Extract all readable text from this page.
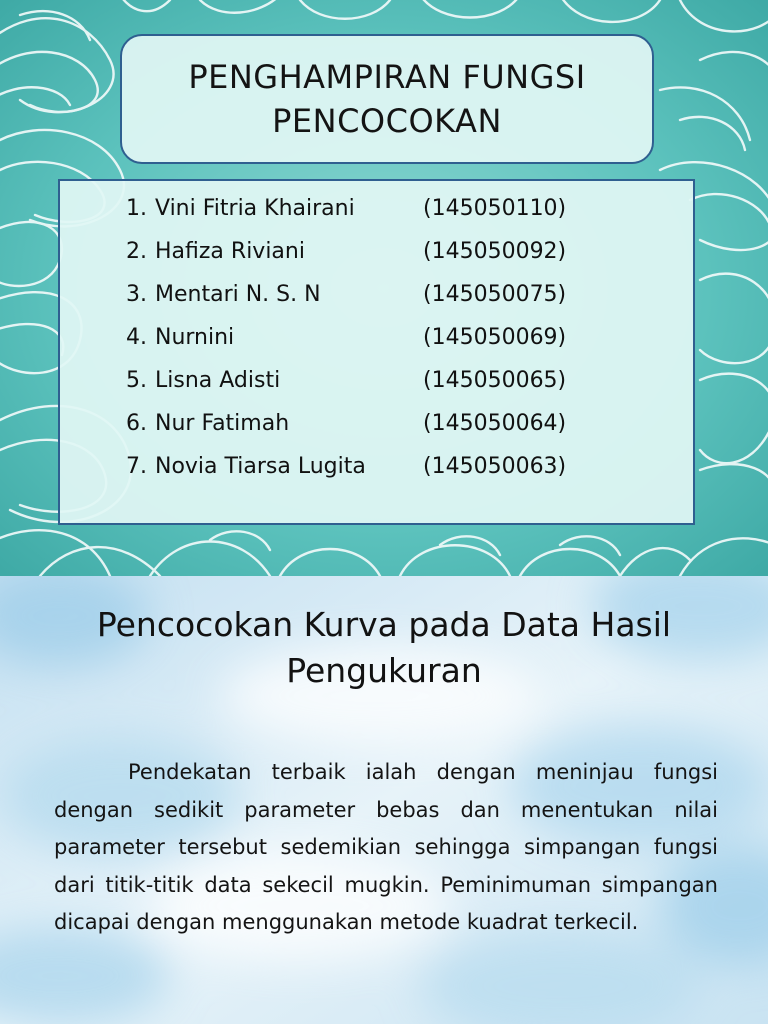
PENGHAMPIRAN FUNGSI
PENCOCOKAN
1. Vini Fitria Khairani	(145050110)
2. Hafiza Riviani	(145050092)
3. Mentari N. S. N	(145050075)
4. Nurnini	(145050069)
5. Lisna Adisti	(145050065)
6. Nur Fatimah	(145050064)
7. Novia Tiarsa Lugita	(145050063)
Pencocokan Kurva pada Data Hasil
Pengukuran
Pendekatan terbaik ialah dengan meninjau fungsi dengan sedikit parameter bebas dan menentukan nilai parameter tersebut sedemikian sehingga simpangan fungsi dari titik-titik data sekecil mugkin. Peminimuman simpangan dicapai dengan menggunakan metode kuadrat terkecil.
